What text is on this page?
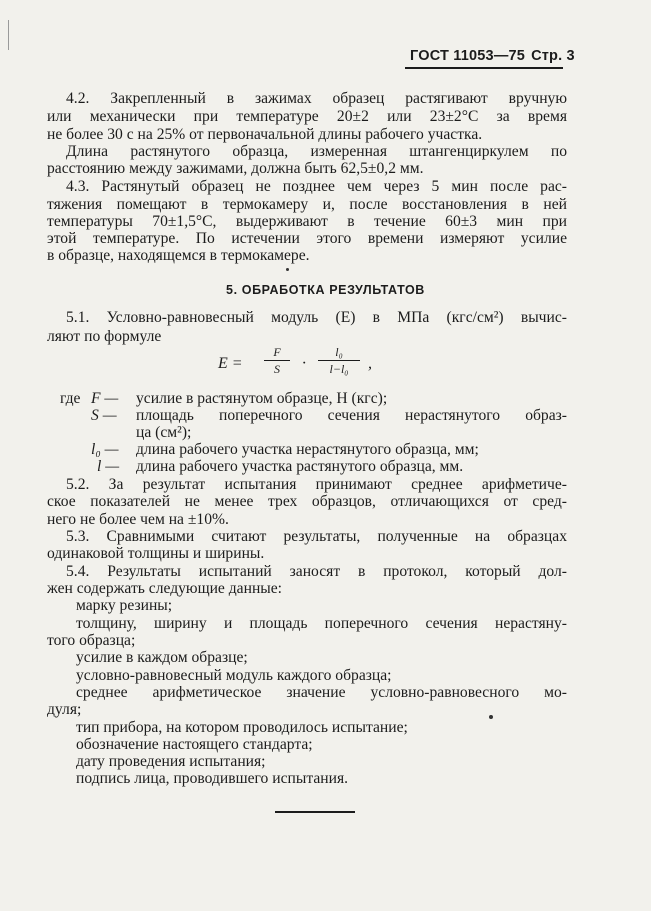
ГОСТ 11053—75 Стр. 3
4.2. Закрепленный в зажимах образец растягивают вручную
или механически при температуре 20±2 или 23±2°С за время
не более 30 с на 25% от первоначальной длины рабочего участка.
Длина растянутого образца, измеренная штангенциркулем по
расстоянию между зажимами, должна быть 62,5±0,2 мм.
4.3. Растянутый образец не позднее чем через 5 мин после рас-
тяжения помещают в термокамеру и, после восстановления в ней
температуры 70±1,5°С, выдерживают в течение 60±3 мин при
этой температуре. По истечении этого времени измеряют усилие
в образце, находящемся в термокамере.
5. ОБРАБОТКА РЕЗУЛЬТАТОВ
5.1. Условно-равновесный модуль (E) в МПа (кгс/см²) вычис-
ляют по формуле
E =
F
S	·
l₀
l−l₀	,
где F — усилие в растянутом образце, Н (кгс);
S — площадь поперечного сечения нерастянутого образ-
ца (см²);
l₀ — длина рабочего участка нерастянутого образца, мм;
l — длина рабочего участка растянутого образца, мм.
5.2. За результат испытания принимают среднее арифметиче-
ское показателей не менее трех образцов, отличающихся от сред-
него не более чем на ±10%.
5.3. Сравнимыми считают результаты, полученные на образцах
одинаковой толщины и ширины.
5.4. Результаты испытаний заносят в протокол, который дол-
жен содержать следующие данные:
марку резины;
толщину, ширину и площадь поперечного сечения нерастяну-
того образца;
усилие в каждом образце;
условно-равновесный модуль каждого образца;
среднее арифметическое значение условно-равновесного мо-
дуля;
тип прибора, на котором проводилось испытание;
обозначение настоящего стандарта;
дату проведения испытания;
подпись лица, проводившего испытания.
